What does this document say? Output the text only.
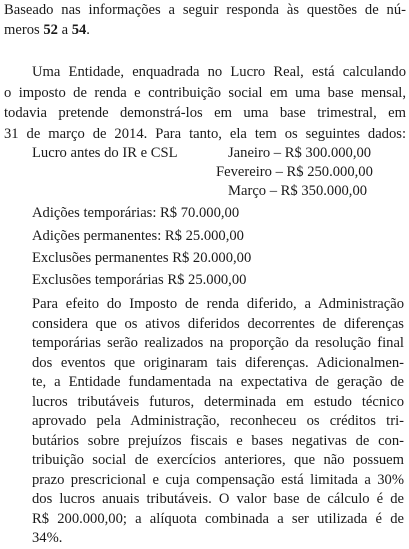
Baseado nas informações a seguir responda às questões de nú-
meros 52 a 54.
Uma Entidade, enquadrada no Lucro Real, está calculando
o imposto de renda e contribuição social em uma base mensal,
todavia pretende demonstrá-los em uma base trimestral, em
31 de março de 2014. Para tanto, ela tem os seguintes dados:
Lucro antes do IR e CSL	Janeiro – R$ 300.000,00
Fevereiro – R$ 250.000,00
Março – R$ 350.000,00
Adições temporárias: R$ 70.000,00
Adições permanentes: R$ 25.000,00
Exclusões permanentes R$ 20.000,00
Exclusões temporárias R$ 25.000,00
Para efeito do Imposto de renda diferido, a Administração
considera que os ativos diferidos decorrentes de diferenças
temporárias serão realizados na proporção da resolução final
dos eventos que originaram tais diferenças. Adicionalmen-
te, a Entidade fundamentada na expectativa de geração de
lucros tributáveis futuros, determinada em estudo técnico
aprovado pela Administração, reconheceu os créditos tri-
butários sobre prejuízos fiscais e bases negativas de con-
tribuição social de exercícios anteriores, que não possuem
prazo prescricional e cuja compensação está limitada a 30%
dos lucros anuais tributáveis. O valor base de cálculo é de
R$ 200.000,00; a alíquota combinada a ser utilizada é de
34%.
